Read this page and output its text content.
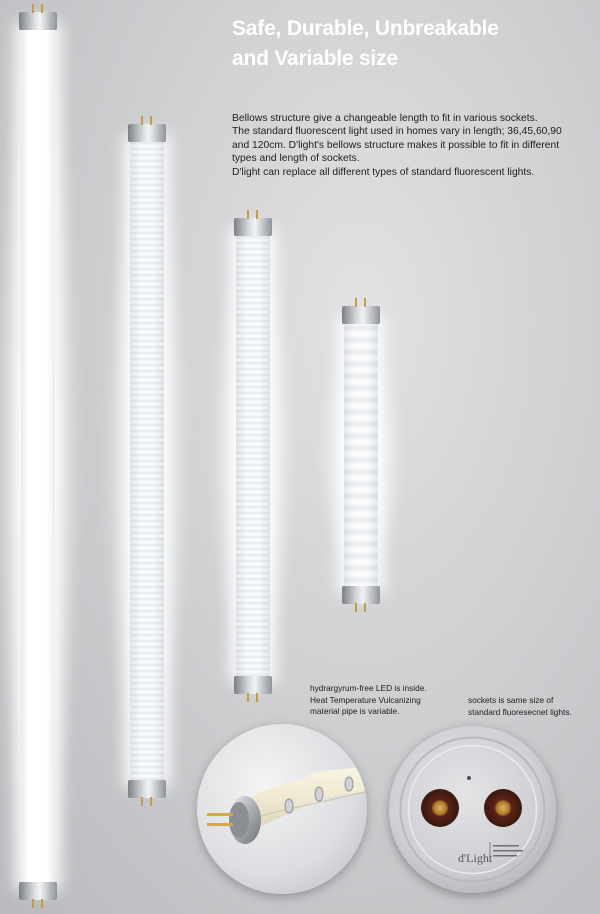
Safe, Durable, Unbreakable
and Variable size

Bellows structure give a changeable length to fit in various sockets.
The standard fluorescent light used in homes vary in length; 36,45,60,90
and 120cm. D'light's bellows structure makes it possible to fit in different
types and length of sockets.
D'light can replace all different types of standard fluorescent lights.

hydrargyrum-free LED is inside.
Heat Temperature Vulcanizing
material pipe is variable.

sockets is same size of
standard fluoresecnet lights.

d'Light
